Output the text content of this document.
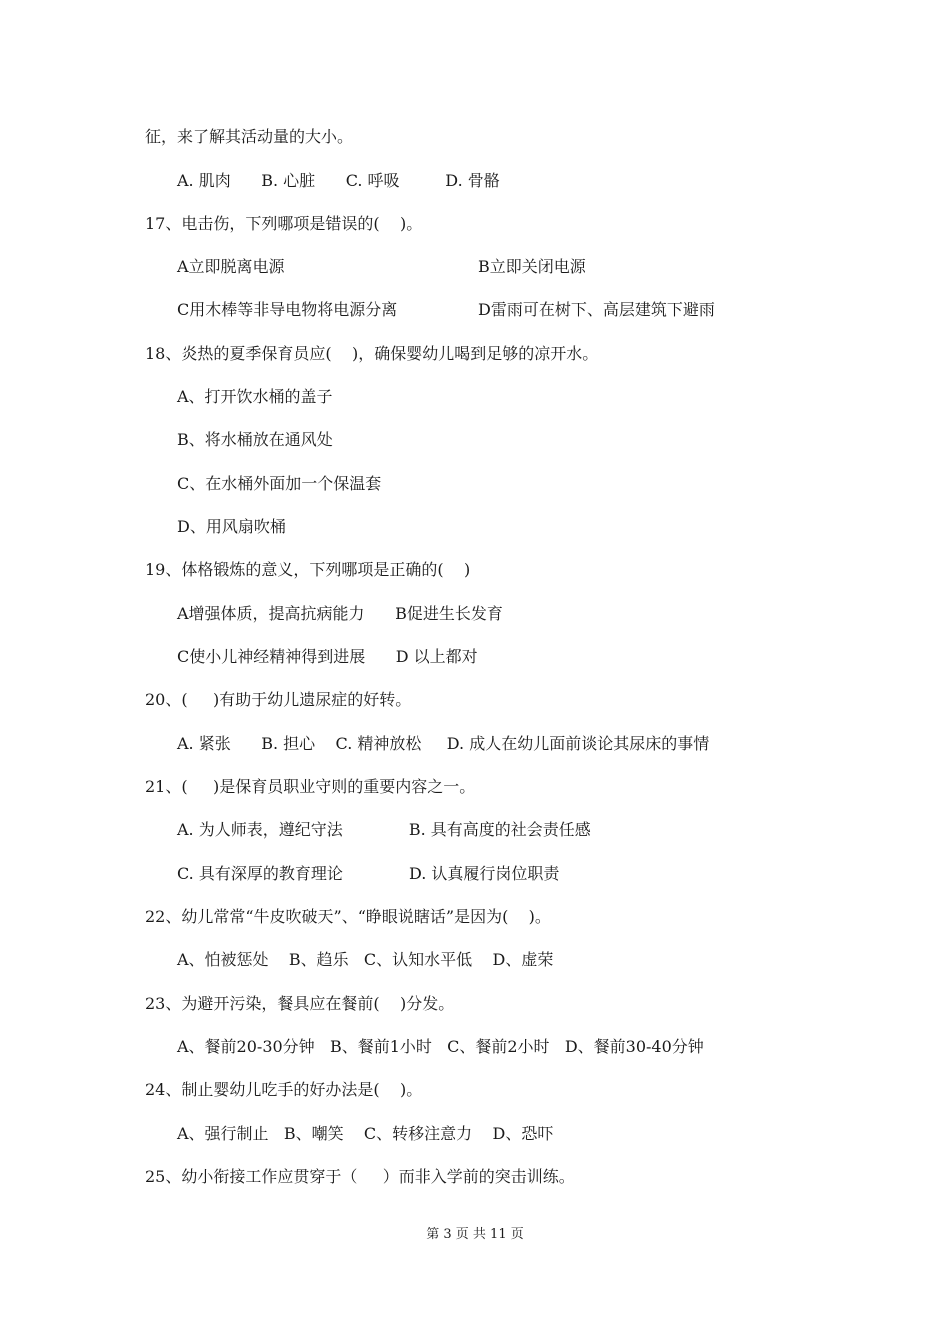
征，来了解其活动量的大小。
A. 肌肉      B. 心脏      C. 呼吸         D. 骨骼
17、电击伤，下列哪项是错误的(    )。
A立即脱离电源	B立即关闭电源
C用木棒等非导电物将电源分离	D雷雨可在树下、高层建筑下避雨
18、炎热的夏季保育员应(    )，确保婴幼儿喝到足够的凉开水。
A、打开饮水桶的盖子
B、将水桶放在通风处
C、在水桶外面加一个保温套
D、用风扇吹桶
19、体格锻炼的意义，下列哪项是正确的(    )
A增强体质，提高抗病能力      B促进生长发育
C使小儿神经精神得到进展      D 以上都对
20、(     )有助于幼儿遗尿症的好转。
A. 紧张      B. 担心    C. 精神放松     D. 成人在幼儿面前谈论其尿床的事情
21、(     )是保育员职业守则的重要内容之一。
A. 为人师表，遵纪守法             B. 具有高度的社会责任感
C. 具有深厚的教育理论             D. 认真履行岗位职责
22、幼儿常常“牛皮吹破天”、“睁眼说瞎话”是因为(    )。
A、怕被惩处    B、趋乐   C、认知水平低    D、虚荣
23、为避开污染，餐具应在餐前(    )分发。
A、餐前20-30分钟   B、餐前1小时   C、餐前2小时   D、餐前30-40分钟
24、制止婴幼儿吃手的好办法是(    )。
A、强行制止   B、嘲笑    C、转移注意力    D、恐吓
25、幼小衔接工作应贯穿于（     ）而非入学前的突击训练。
第 3 页 共 11 页
